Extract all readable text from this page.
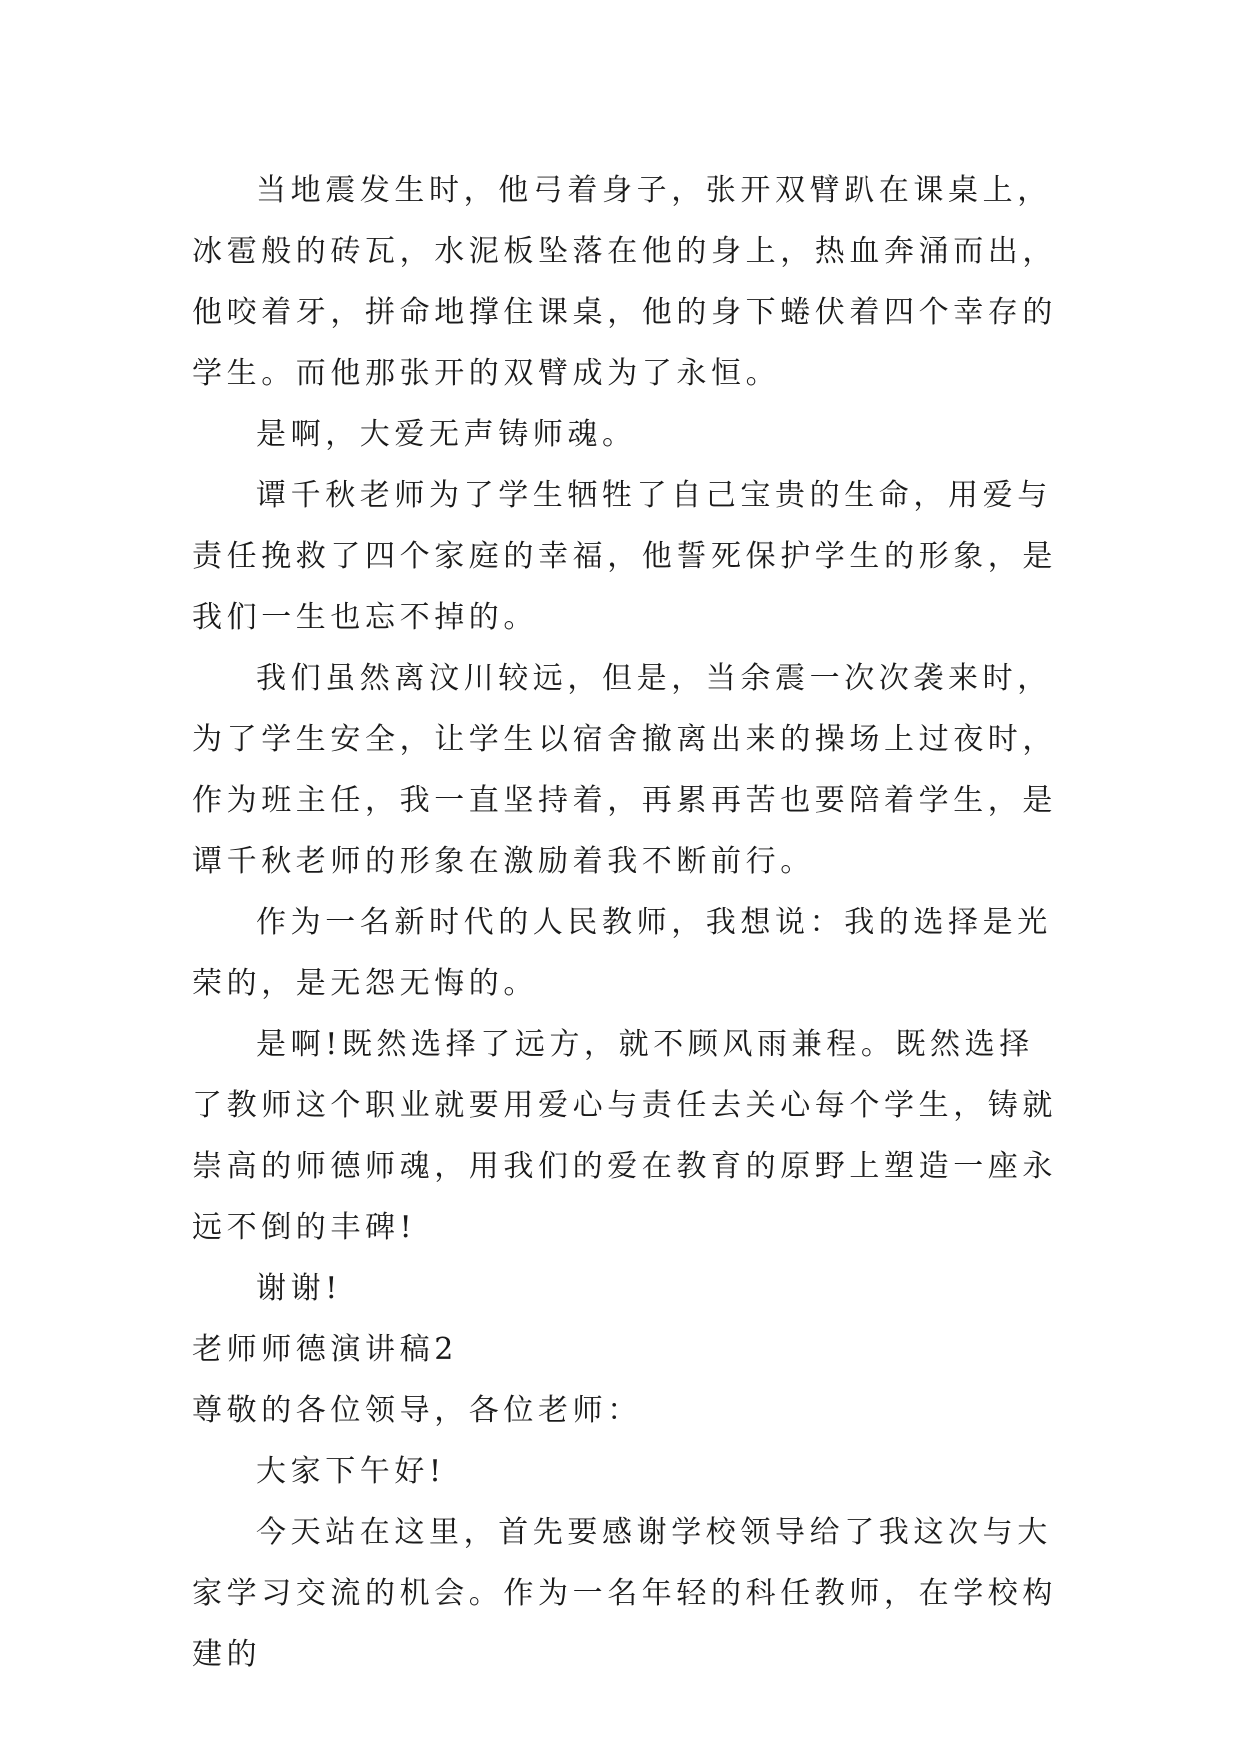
当地震发生时，他弓着身子，张开双臂趴在课桌上，冰雹般的砖瓦，水泥板坠落在他的身上，热血奔涌而出，他咬着牙，拼命地撑住课桌，他的身下蜷伏着四个幸存的学生。而他那张开的双臂成为了永恒。

是啊，大爱无声铸师魂。

谭千秋老师为了学生牺牲了自己宝贵的生命，用爱与责任挽救了四个家庭的幸福，他誓死保护学生的形象，是我们一生也忘不掉的。

我们虽然离汶川较远，但是，当余震一次次袭来时，为了学生安全，让学生以宿舍撤离出来的操场上过夜时，作为班主任，我一直坚持着，再累再苦也要陪着学生，是谭千秋老师的形象在激励着我不断前行。

作为一名新时代的人民教师，我想说：我的选择是光荣的，是无怨无悔的。

是啊!既然选择了远方，就不顾风雨兼程。既然选择了教师这个职业就要用爱心与责任去关心每个学生，铸就崇高的师德师魂，用我们的爱在教育的原野上塑造一座永远不倒的丰碑!

谢谢!

老师师德演讲稿2

尊敬的各位领导，各位老师：

大家下午好!

今天站在这里，首先要感谢学校领导给了我这次与大家学习交流的机会。作为一名年轻的科任教师，在学校构建的
